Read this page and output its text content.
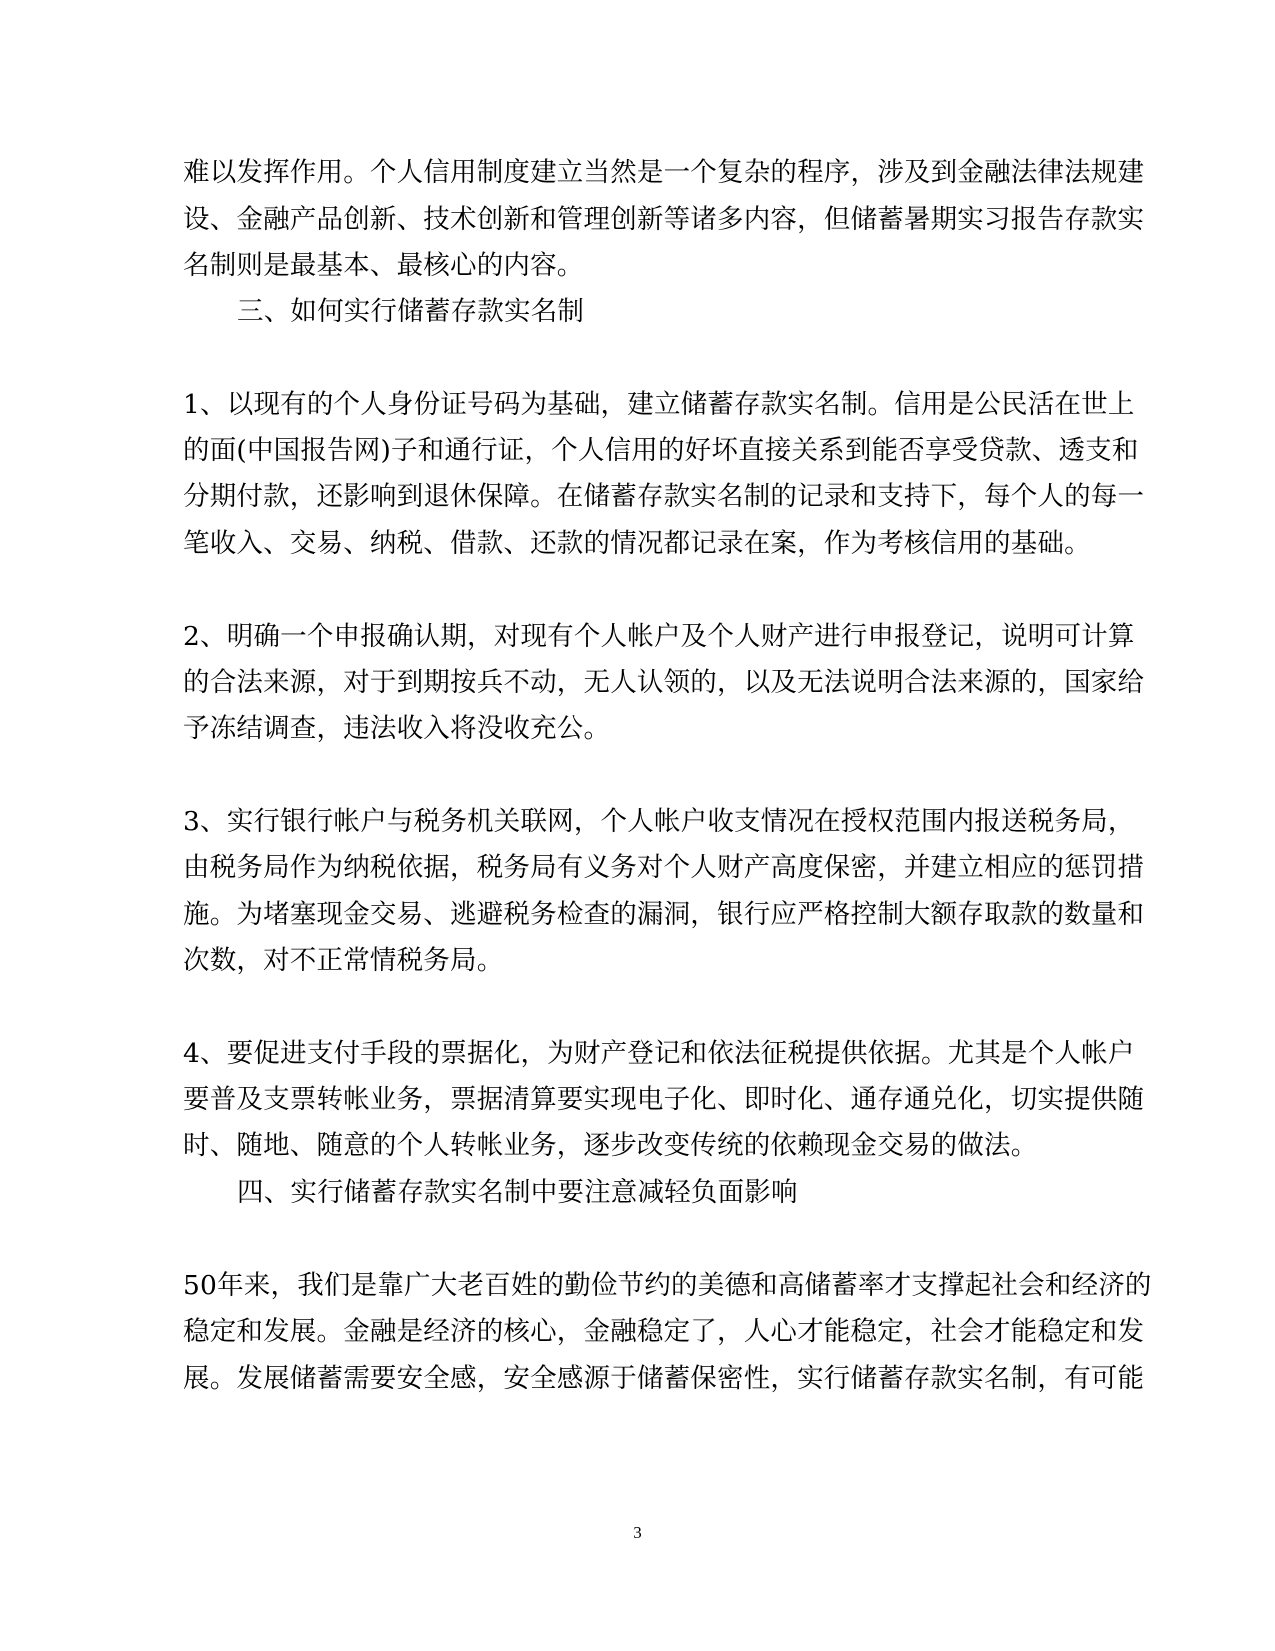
难以发挥作用。个人信用制度建立当然是一个复杂的程序，涉及到金融法律法规建
设、金融产品创新、技术创新和管理创新等诸多内容，但储蓄暑期实习报告存款实
名制则是最基本、最核心的内容。
三、如何实行储蓄存款实名制
1、以现有的个人身份证号码为基础，建立储蓄存款实名制。信用是公民活在世上
的面(中国报告网)子和通行证，个人信用的好坏直接关系到能否享受贷款、透支和
分期付款，还影响到退休保障。在储蓄存款实名制的记录和支持下，每个人的每一
笔收入、交易、纳税、借款、还款的情况都记录在案，作为考核信用的基础。
2、明确一个申报确认期，对现有个人帐户及个人财产进行申报登记，说明可计算
的合法来源，对于到期按兵不动，无人认领的，以及无法说明合法来源的，国家给
予冻结调查，违法收入将没收充公。
3、实行银行帐户与税务机关联网，个人帐户收支情况在授权范围内报送税务局，
由税务局作为纳税依据，税务局有义务对个人财产高度保密，并建立相应的惩罚措
施。为堵塞现金交易、逃避税务检查的漏洞，银行应严格控制大额存取款的数量和
次数，对不正常情税务局。
4、要促进支付手段的票据化，为财产登记和依法征税提供依据。尤其是个人帐户
要普及支票转帐业务，票据清算要实现电子化、即时化、通存通兑化，切实提供随
时、随地、随意的个人转帐业务，逐步改变传统的依赖现金交易的做法。
四、实行储蓄存款实名制中要注意减轻负面影响
50年来，我们是靠广大老百姓的勤俭节约的美德和高储蓄率才支撑起社会和经济的
稳定和发展。金融是经济的核心，金融稳定了，人心才能稳定，社会才能稳定和发
展。发展储蓄需要安全感，安全感源于储蓄保密性，实行储蓄存款实名制，有可能
3
